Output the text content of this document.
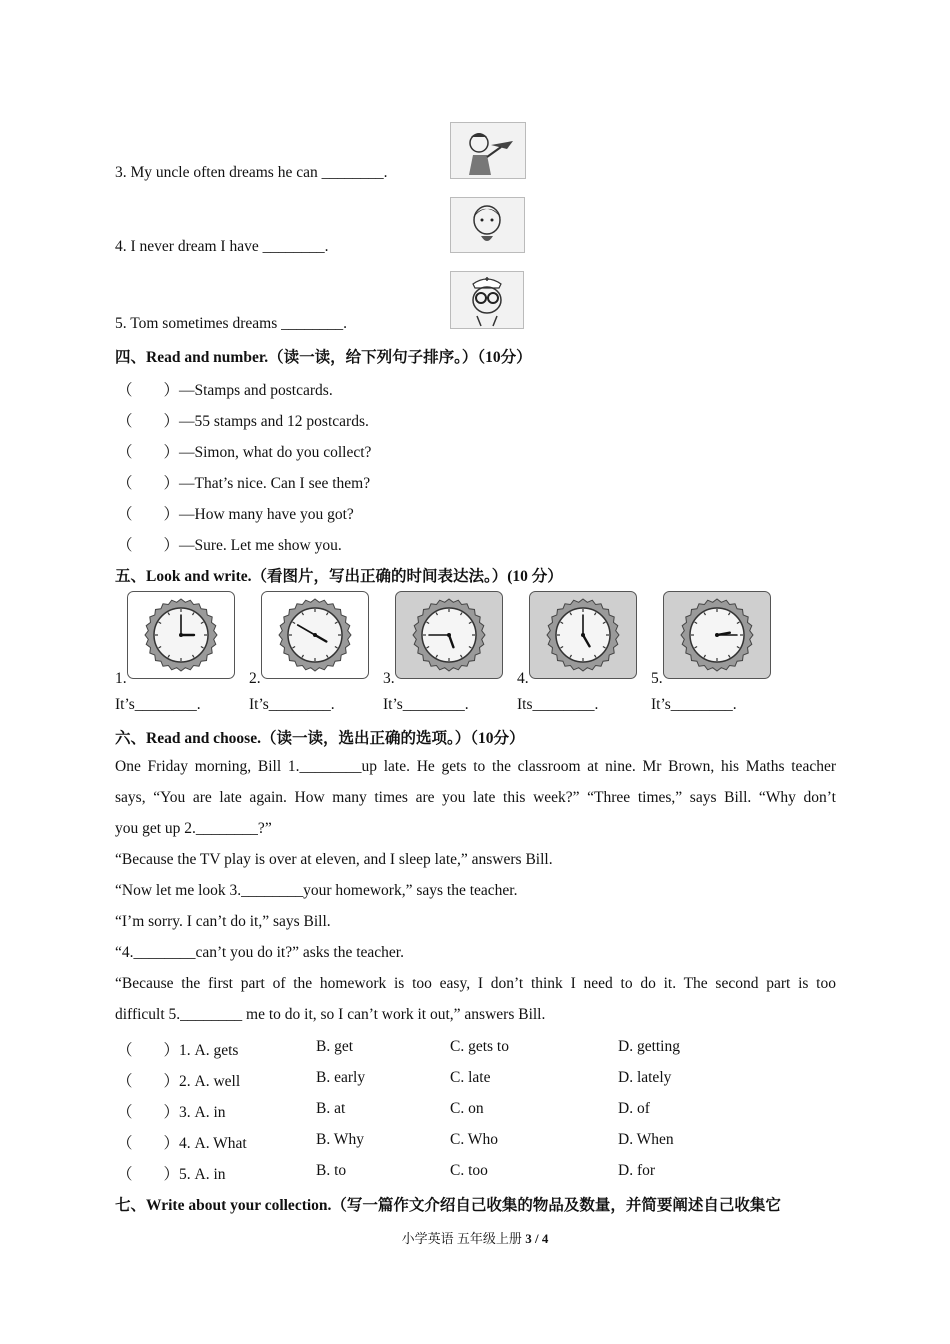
3. My uncle often dreams he can ________.
4. I never dream I have ________.
5. Tom sometimes dreams ________.
四、Read and number.（读一读，给下列句子排序。）（10分）
（　　）—Stamps and postcards.
（　　）—55 stamps and 12 postcards.
（　　）—Simon, what do you collect?
（　　）—That’s nice. Can I see them?
（　　）—How many have you got?
（　　）—Sure. Let me show you.
五、Look and write.（看图片，写出正确的时间表达法。）(10 分）
1.	2.	3.	4.	5.
It’s________.	It’s________.	It’s________.	Its________.	It’s________.
六、Read and choose.（读一读，选出正确的选项。）（10分）
One Friday morning, Bill 1.________up late. He gets to the classroom at nine. Mr Brown, his Maths teacher
says, “You are late again. How many times are you late this week?” “Three times,” says Bill. “Why don’t
you get up 2.________?”
“Because the TV play is over at eleven, and I sleep late,” answers Bill.
“Now let me look 3.________your homework,” says the teacher.
“I’m sorry. I can’t do it,” says Bill.
“4.________can’t you do it?” asks the teacher.
“Because the first part of the homework is too easy, I don’t think I need to do it. The second part is too
difficult 5.________ me to do it, so I can’t work it out,” answers Bill.
（　　）1. A. gets	B. get	C. gets to	D. getting
（　　）2. A. well	B. early	C. late	D. lately
（　　）3. A. in	B. at	C. on	D. of
（　　）4. A. What	B. Why	C. Who	D. When
（　　）5. A. in	B. to	C. too	D. for
七、Write about your collection.（写一篇作文介绍自己收集的物品及数量，并简要阐述自己收集它
小学英语 五年级上册 3 / 4
